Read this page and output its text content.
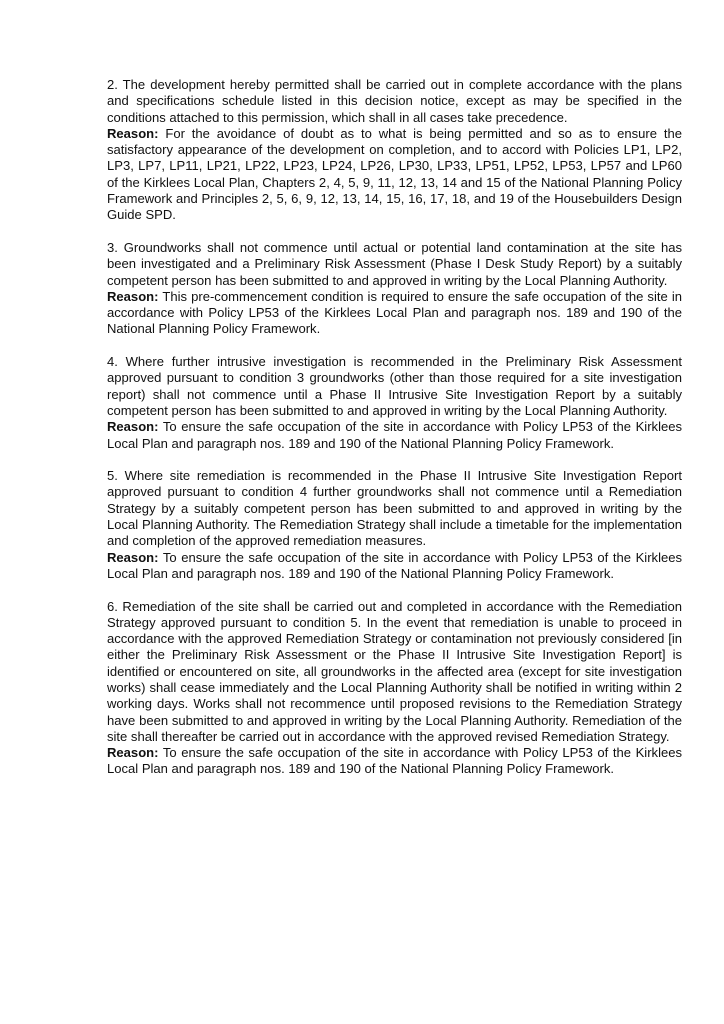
2. The development hereby permitted shall be carried out in complete accordance with the plans and specifications schedule listed in this decision notice, except as may be specified in the conditions attached to this permission, which shall in all cases take precedence.

Reason: For the avoidance of doubt as to what is being permitted and so as to ensure the satisfactory appearance of the development on completion, and to accord with Policies LP1, LP2, LP3, LP7, LP11, LP21, LP22, LP23, LP24, LP26, LP30, LP33, LP51, LP52, LP53, LP57 and LP60 of the Kirklees Local Plan, Chapters 2, 4, 5, 9, 11, 12, 13, 14 and 15 of the National Planning Policy Framework and Principles 2, 5, 6, 9, 12, 13, 14, 15, 16, 17, 18, and 19 of the Housebuilders Design Guide SPD.

3. Groundworks shall not commence until actual or potential land contamination at the site has been investigated and a Preliminary Risk Assessment (Phase I Desk Study Report) by a suitably competent person has been submitted to and approved in writing by the Local Planning Authority.

Reason: This pre-commencement condition is required to ensure the safe occupation of the site in accordance with Policy LP53 of the Kirklees Local Plan and paragraph nos. 189 and 190 of the National Planning Policy Framework.

4. Where further intrusive investigation is recommended in the Preliminary Risk Assessment approved pursuant to condition 3 groundworks (other than those required for a site investigation report) shall not commence until a Phase II Intrusive Site Investigation Report by a suitably competent person has been submitted to and approved in writing by the Local Planning Authority.

Reason: To ensure the safe occupation of the site in accordance with Policy LP53 of the Kirklees Local Plan and paragraph nos. 189 and 190 of the National Planning Policy Framework.

5. Where site remediation is recommended in the Phase II Intrusive Site Investigation Report approved pursuant to condition 4 further groundworks shall not commence until a Remediation Strategy by a suitably competent person has been submitted to and approved in writing by the Local Planning Authority. The Remediation Strategy shall include a timetable for the implementation and completion of the approved remediation measures.

Reason: To ensure the safe occupation of the site in accordance with Policy LP53 of the Kirklees Local Plan and paragraph nos. 189 and 190 of the National Planning Policy Framework.

6. Remediation of the site shall be carried out and completed in accordance with the Remediation Strategy approved pursuant to condition 5. In the event that remediation is unable to proceed in accordance with the approved Remediation Strategy or contamination not previously considered [in either the Preliminary Risk Assessment or the Phase II Intrusive Site Investigation Report] is identified or encountered on site, all groundworks in the affected area (except for site investigation works) shall cease immediately and the Local Planning Authority shall be notified in writing within 2 working days. Works shall not recommence until proposed revisions to the Remediation Strategy have been submitted to and approved in writing by the Local Planning Authority. Remediation of the site shall thereafter be carried out in accordance with the approved revised Remediation Strategy.

Reason: To ensure the safe occupation of the site in accordance with Policy LP53 of the Kirklees Local Plan and paragraph nos. 189 and 190 of the National Planning Policy Framework.
